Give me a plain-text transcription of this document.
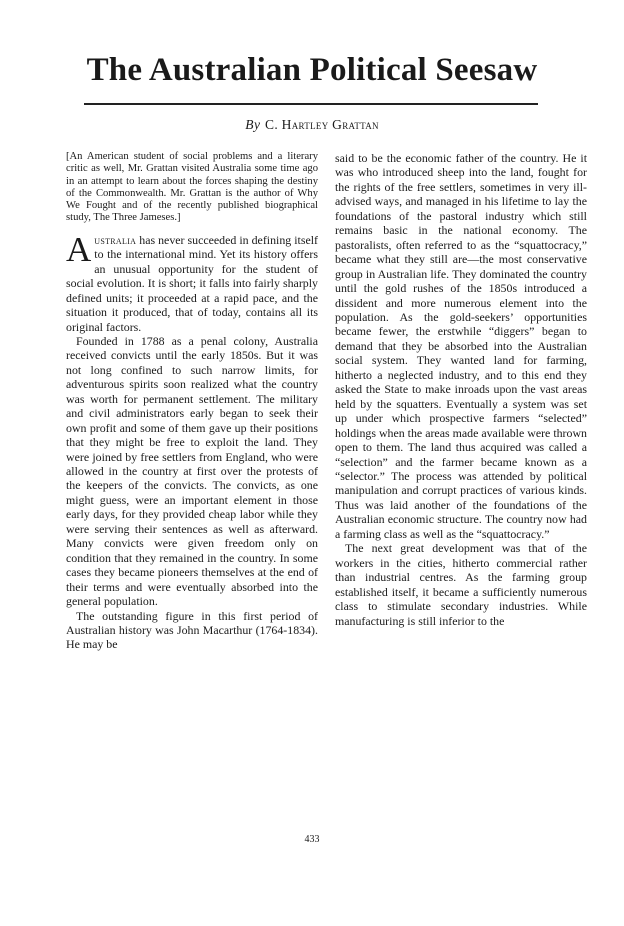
The Australian Political Seesaw
By C. Hartley Grattan

[An American student of social problems and a literary critic as well, Mr. Grattan visited Australia some time ago in an attempt to learn about the forces shaping the destiny of the Commonwealth. Mr. Grattan is the author of Why We Fought and of the recently published biographical study, The Three Jameses.]

Australia has never succeeded in defining itself to the international mind. Yet its history offers an unusual opportunity for the student of social evolution. It is short; it falls into fairly sharply defined units; it proceeded at a rapid pace, and the situation it produced, that of today, contains all its original factors.

Founded in 1788 as a penal colony, Australia received convicts until the early 1850s. But it was not long confined to such narrow limits, for adventurous spirits soon realized what the country was worth for permanent settlement. The military and civil administrators early began to seek their own profit and some of them gave up their positions that they might be free to exploit the land. They were joined by free settlers from England, who were allowed in the country at first over the protests of the keepers of the convicts. The convicts, as one might guess, were an important element in those early days, for they provided cheap labor while they were serving their sentences as well as afterward. Many convicts were given freedom only on condition that they remained in the country. In some cases they became pioneers themselves at the end of their terms and were eventually absorbed into the general population.

The outstanding figure in this first period of Australian history was John Macarthur (1764-1834). He may be

said to be the economic father of the country. He it was who introduced sheep into the land, fought for the rights of the free settlers, sometimes in very ill-advised ways, and managed in his lifetime to lay the foundations of the pastoral industry which still remains basic in the national economy. The pastoralists, often referred to as the “squattocracy,” became what they still are—the most conservative group in Australian life. They dominated the country until the gold rushes of the 1850s introduced a dissident and more numerous element into the population. As the gold-seekers’ opportunities became fewer, the erstwhile “diggers” began to demand that they be absorbed into the Australian social system. They wanted land for farming, hitherto a neglected industry, and to this end they asked the State to make inroads upon the vast areas held by the squatters. Eventually a system was set up under which prospective farmers “selected” holdings when the areas made available were thrown open to them. The land thus acquired was called a “selection” and the farmer became known as a “selector.” The process was attended by political manipulation and corrupt practices of various kinds. Thus was laid another of the foundations of the Australian economic structure. The country now had a farming class as well as the “squattocracy.”

The next great development was that of the workers in the cities, hitherto commercial rather than industrial centres. As the farming group established itself, it became a sufficiently numerous class to stimulate secondary industries. While manufacturing is still inferior to the

433
